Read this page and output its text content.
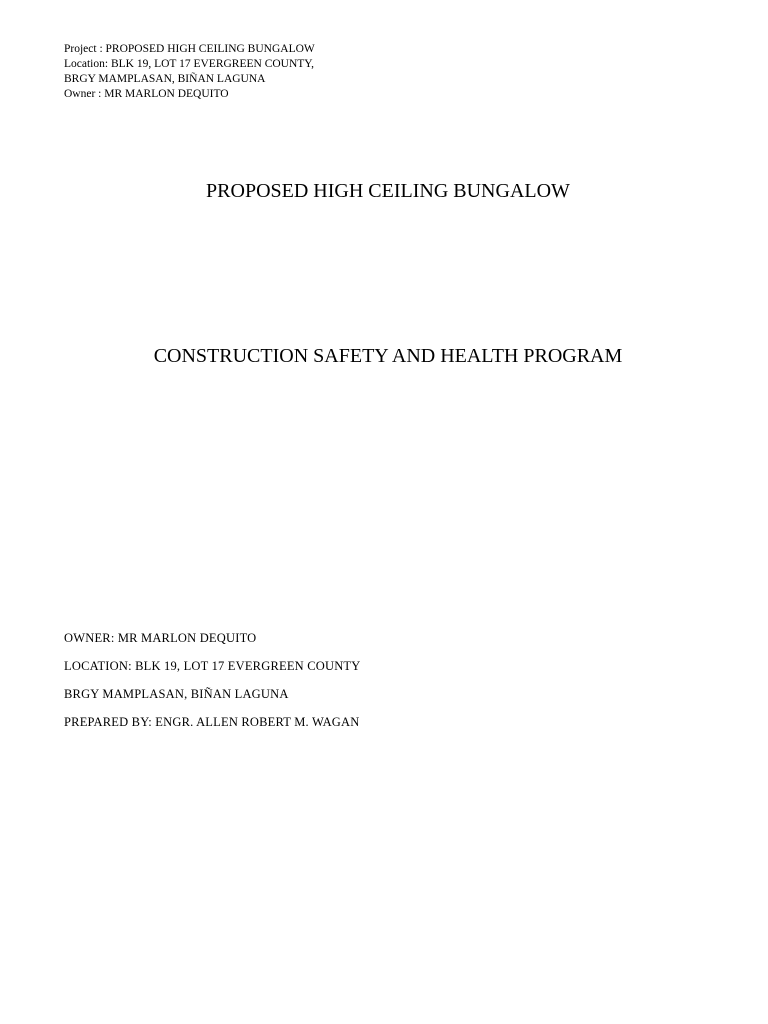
Project : PROPOSED HIGH CEILING BUNGALOW
Location: BLK 19, LOT 17 EVERGREEN COUNTY,
BRGY MAMPLASAN, BIÑAN LAGUNA
Owner : MR MARLON DEQUITO
PROPOSED HIGH CEILING BUNGALOW
CONSTRUCTION SAFETY AND HEALTH PROGRAM
OWNER: MR MARLON DEQUITO
LOCATION: BLK 19, LOT 17 EVERGREEN COUNTY
BRGY MAMPLASAN, BIÑAN LAGUNA
PREPARED BY: ENGR. ALLEN ROBERT M. WAGAN
